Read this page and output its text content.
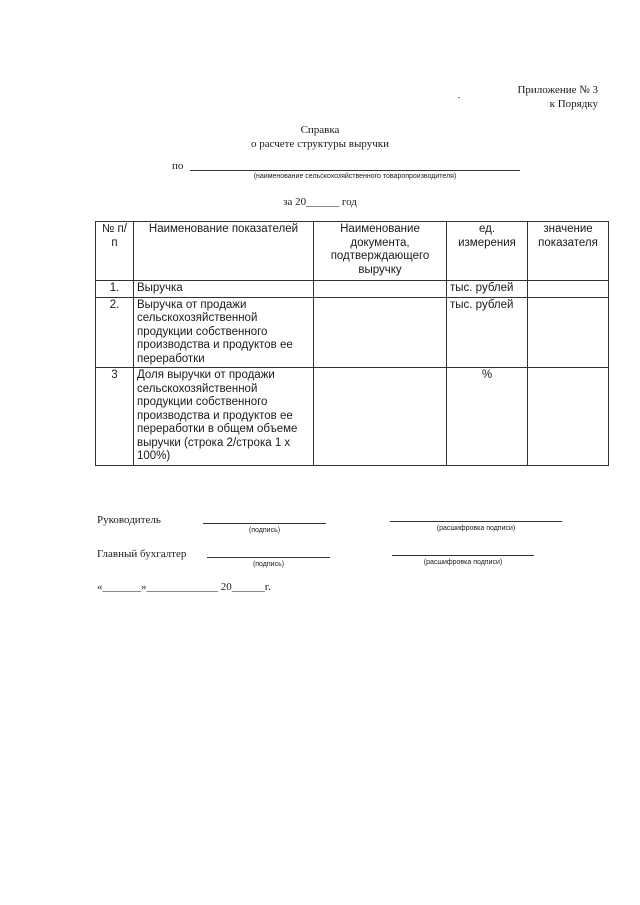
Приложение № 3
к Порядку
Справка
о расчете структуры выручки
по
(наименование сельскохозяйственного товаропроизводителя)
за 20______ год
№ п/п	Наименование показателей	Наименование документа, подтверждающего выручку	ед. измерения	значение показателя
1.	Выручка		тыс. рублей	
2.	Выручка от продажи сельскохозяйственной продукции собственного производства и продуктов ее переработки		тыс. рублей	
3	Доля выручки от продажи сельскохозяйственной продукции собственного производства и продуктов ее переработки в общем объеме выручки (строка 2/строка 1 x 100%)		%	
Руководитель
(подпись)	(расшифровка подписи)
Главный бухгалтер
(подпись)	(расшифровка подписи)
«_______»_____________ 20______г.
